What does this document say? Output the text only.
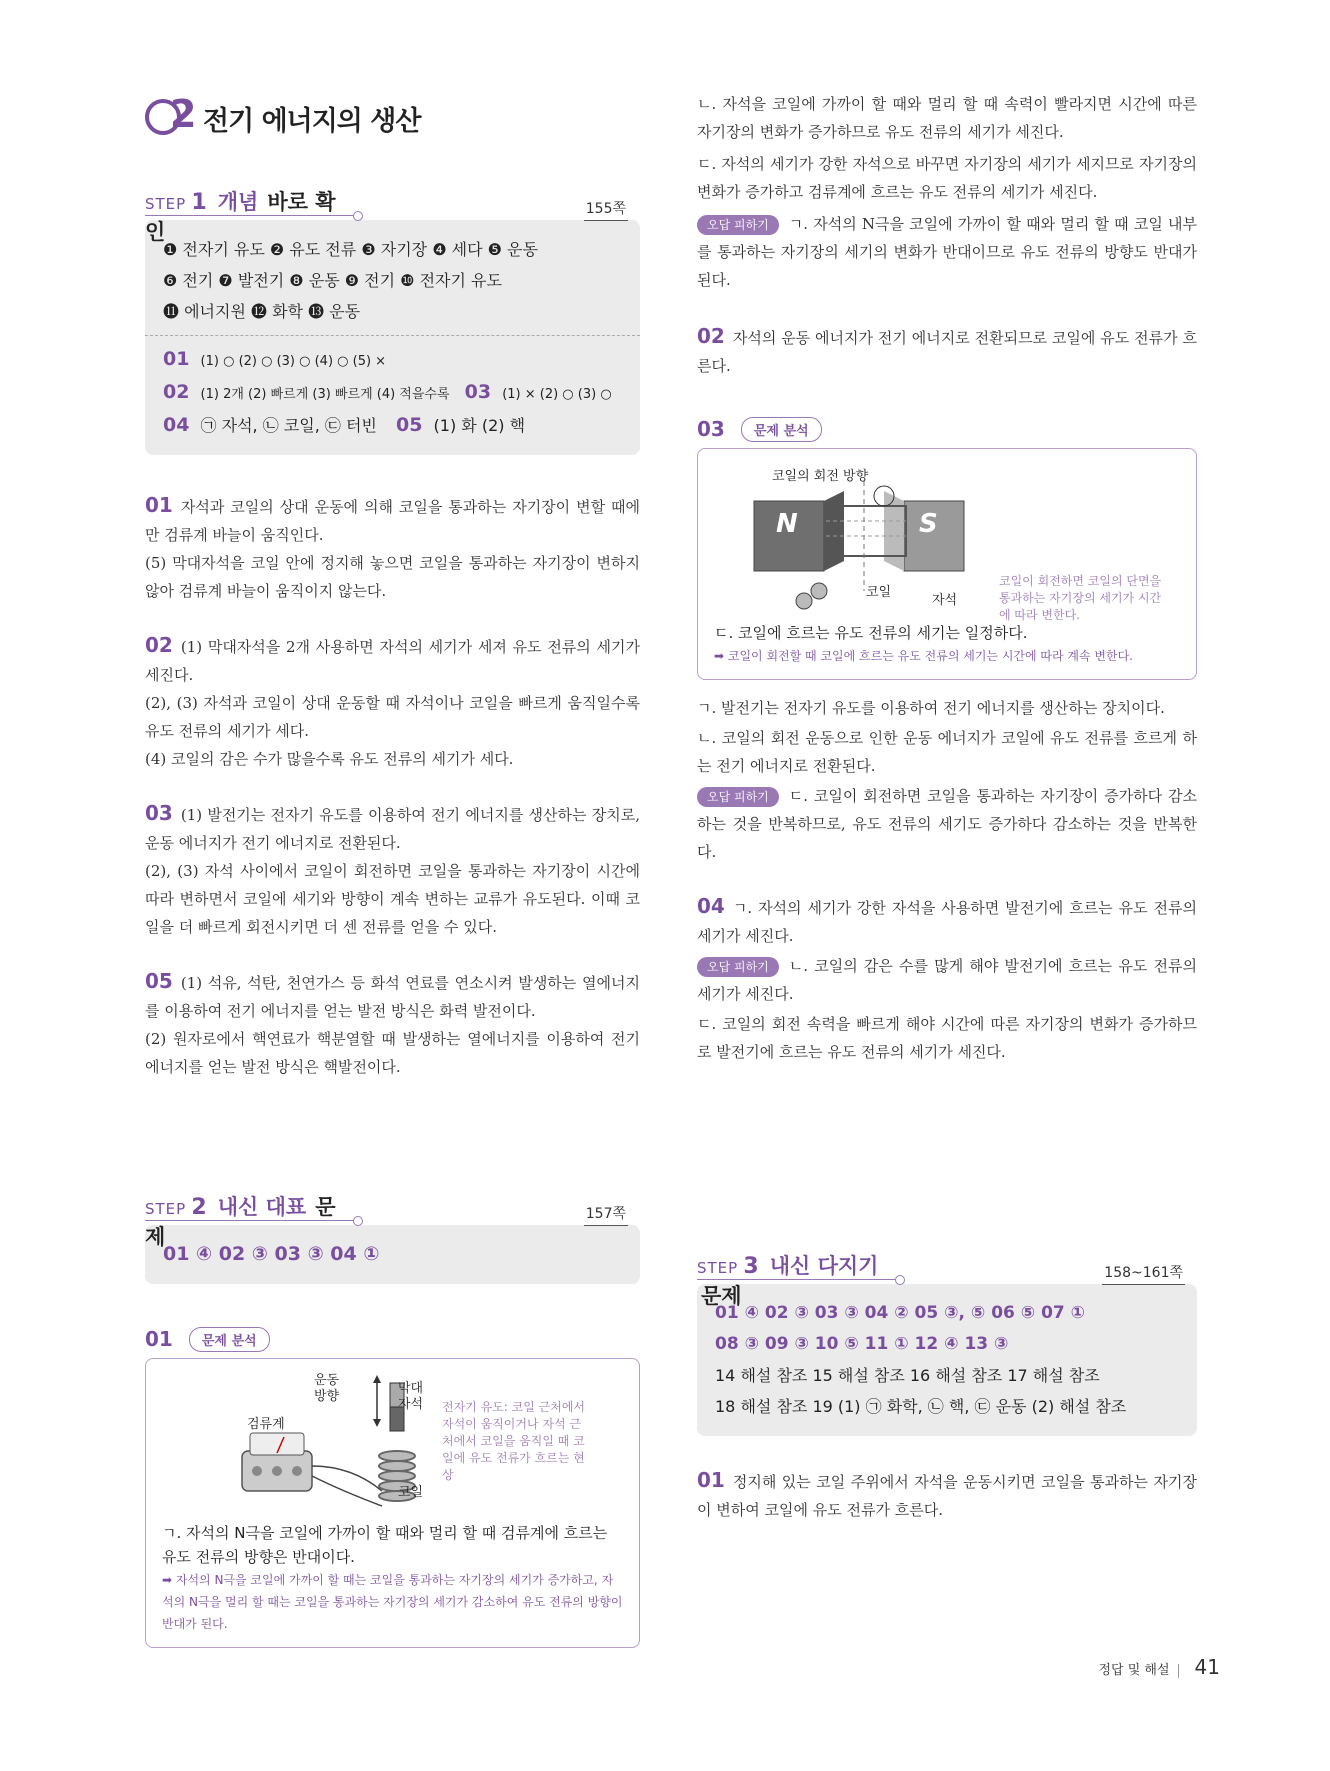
2 전기 에너지의 생산
STEP 1 개념 바로 확인
155쪽
❶ 전자기 유도 ❷ 유도 전류 ❸ 자기장 ❹ 세다 ❺ 운동
❻ 전기 ❼ 발전기 ❽ 운동 ❾ 전기 ❿ 전자기 유도
⓫ 에너지원 ⓬ 화학 ⓭ 운동
01 (1) ○ (2) ○ (3) ○ (4) ○ (5) ×
02 (1) 2개 (2) 빠르게 (3) 빠르게 (4) 적을수록 03 (1) × (2) ○ (3) ○
04 ㉠ 자석, ㉡ 코일, ㉢ 터빈 05 (1) 화 (2) 핵
01 자석과 코일의 상대 운동에 의해 코일을 통과하는 자기장이 변할 때에만 검류계 바늘이 움직인다.
(5) 막대자석을 코일 안에 정지해 놓으면 코일을 통과하는 자기장이 변하지 않아 검류계 바늘이 움직이지 않는다.
02 (1) 막대자석을 2개 사용하면 자석의 세기가 세져 유도 전류의 세기가 세진다.
(2), (3) 자석과 코일이 상대 운동할 때 자석이나 코일을 빠르게 움직일수록 유도 전류의 세기가 세다.
(4) 코일의 감은 수가 많을수록 유도 전류의 세기가 세다.
03 (1) 발전기는 전자기 유도를 이용하여 전기 에너지를 생산하는 장치로, 운동 에너지가 전기 에너지로 전환된다.
(2), (3) 자석 사이에서 코일이 회전하면 코일을 통과하는 자기장이 시간에 따라 변하면서 코일에 세기와 방향이 계속 변하는 교류가 유도된다. 이때 코일을 더 빠르게 회전시키면 더 센 전류를 얻을 수 있다.
05 (1) 석유, 석탄, 천연가스 등 화석 연료를 연소시켜 발생하는 열에너지를 이용하여 전기 에너지를 얻는 발전 방식은 화력 발전이다.
(2) 원자로에서 핵연료가 핵분열할 때 발생하는 열에너지를 이용하여 전기 에너지를 얻는 발전 방식은 핵발전이다.
STEP 2 내신 대표 문제
157쪽
01 ④ 02 ③ 03 ③ 04 ①
01	문제 분석
검류계
운동
방향
막대
자석
코일
전자기 유도: 코일 근처에서 자석이 움직이거나 자석 근처에서 코일을 움직일 때 코일에 유도 전류가 흐르는 현상
ㄱ. 자석의 N극을 코일에 가까이 할 때와 멀리 할 때 검류계에 흐르는 유도 전류의 방향은 반대이다.
➡ 자석의 N극을 코일에 가까이 할 때는 코일을 통과하는 자기장의 세기가 증가하고, 자석의 N극을 멀리 할 때는 코일을 통과하는 자기장의 세기가 감소하여 유도 전류의 방향이 반대가 된다.
ㄴ. 자석을 코일에 가까이 할 때와 멀리 할 때 속력이 빨라지면 시간에 따른 자기장의 변화가 증가하므로 유도 전류의 세기가 세진다.
ㄷ. 자석의 세기가 강한 자석으로 바꾸면 자기장의 세기가 세지므로 자기장의 변화가 증가하고 검류계에 흐르는 유도 전류의 세기가 세진다.
오답 피하기 ㄱ. 자석의 N극을 코일에 가까이 할 때와 멀리 할 때 코일 내부를 통과하는 자기장의 세기의 변화가 반대이므로 유도 전류의 방향도 반대가 된다.
02 자석의 운동 에너지가 전기 에너지로 전환되므로 코일에 유도 전류가 흐른다.
03	문제 분석
N	S
코일의 회전 방향
코일
자석
코일이 회전하면 코일의 단면을 통과하는 자기장의 세기가 시간에 따라 변한다.
ㄷ. 코일에 흐르는 유도 전류의 세기는 일정하다.
➡ 코일이 회전할 때 코일에 흐르는 유도 전류의 세기는 시간에 따라 계속 변한다.
ㄱ. 발전기는 전자기 유도를 이용하여 전기 에너지를 생산하는 장치이다.
ㄴ. 코일의 회전 운동으로 인한 운동 에너지가 코일에 유도 전류를 흐르게 하는 전기 에너지로 전환된다.
오답 피하기 ㄷ. 코일이 회전하면 코일을 통과하는 자기장이 증가하다 감소하는 것을 반복하므로, 유도 전류의 세기도 증가하다 감소하는 것을 반복한다.
04 ㄱ. 자석의 세기가 강한 자석을 사용하면 발전기에 흐르는 유도 전류의 세기가 세진다.
오답 피하기 ㄴ. 코일의 감은 수를 많게 해야 발전기에 흐르는 유도 전류의 세기가 세진다.
ㄷ. 코일의 회전 속력을 빠르게 해야 시간에 따른 자기장의 변화가 증가하므로 발전기에 흐르는 유도 전류의 세기가 세진다.
STEP 3 내신 다지기 문제
158~161쪽
01 ④ 02 ③ 03 ③ 04 ② 05 ③, ⑤ 06 ⑤ 07 ①
08 ③ 09 ③ 10 ⑤ 11 ① 12 ④ 13 ③
14 해설 참조 15 해설 참조 16 해설 참조 17 해설 참조
18 해설 참조 19 (1) ㉠ 화학, ㉡ 핵, ㉢ 운동 (2) 해설 참조
01 정지해 있는 코일 주위에서 자석을 운동시키면 코일을 통과하는 자기장이 변하여 코일에 유도 전류가 흐른다.
정답 및 해설 41
